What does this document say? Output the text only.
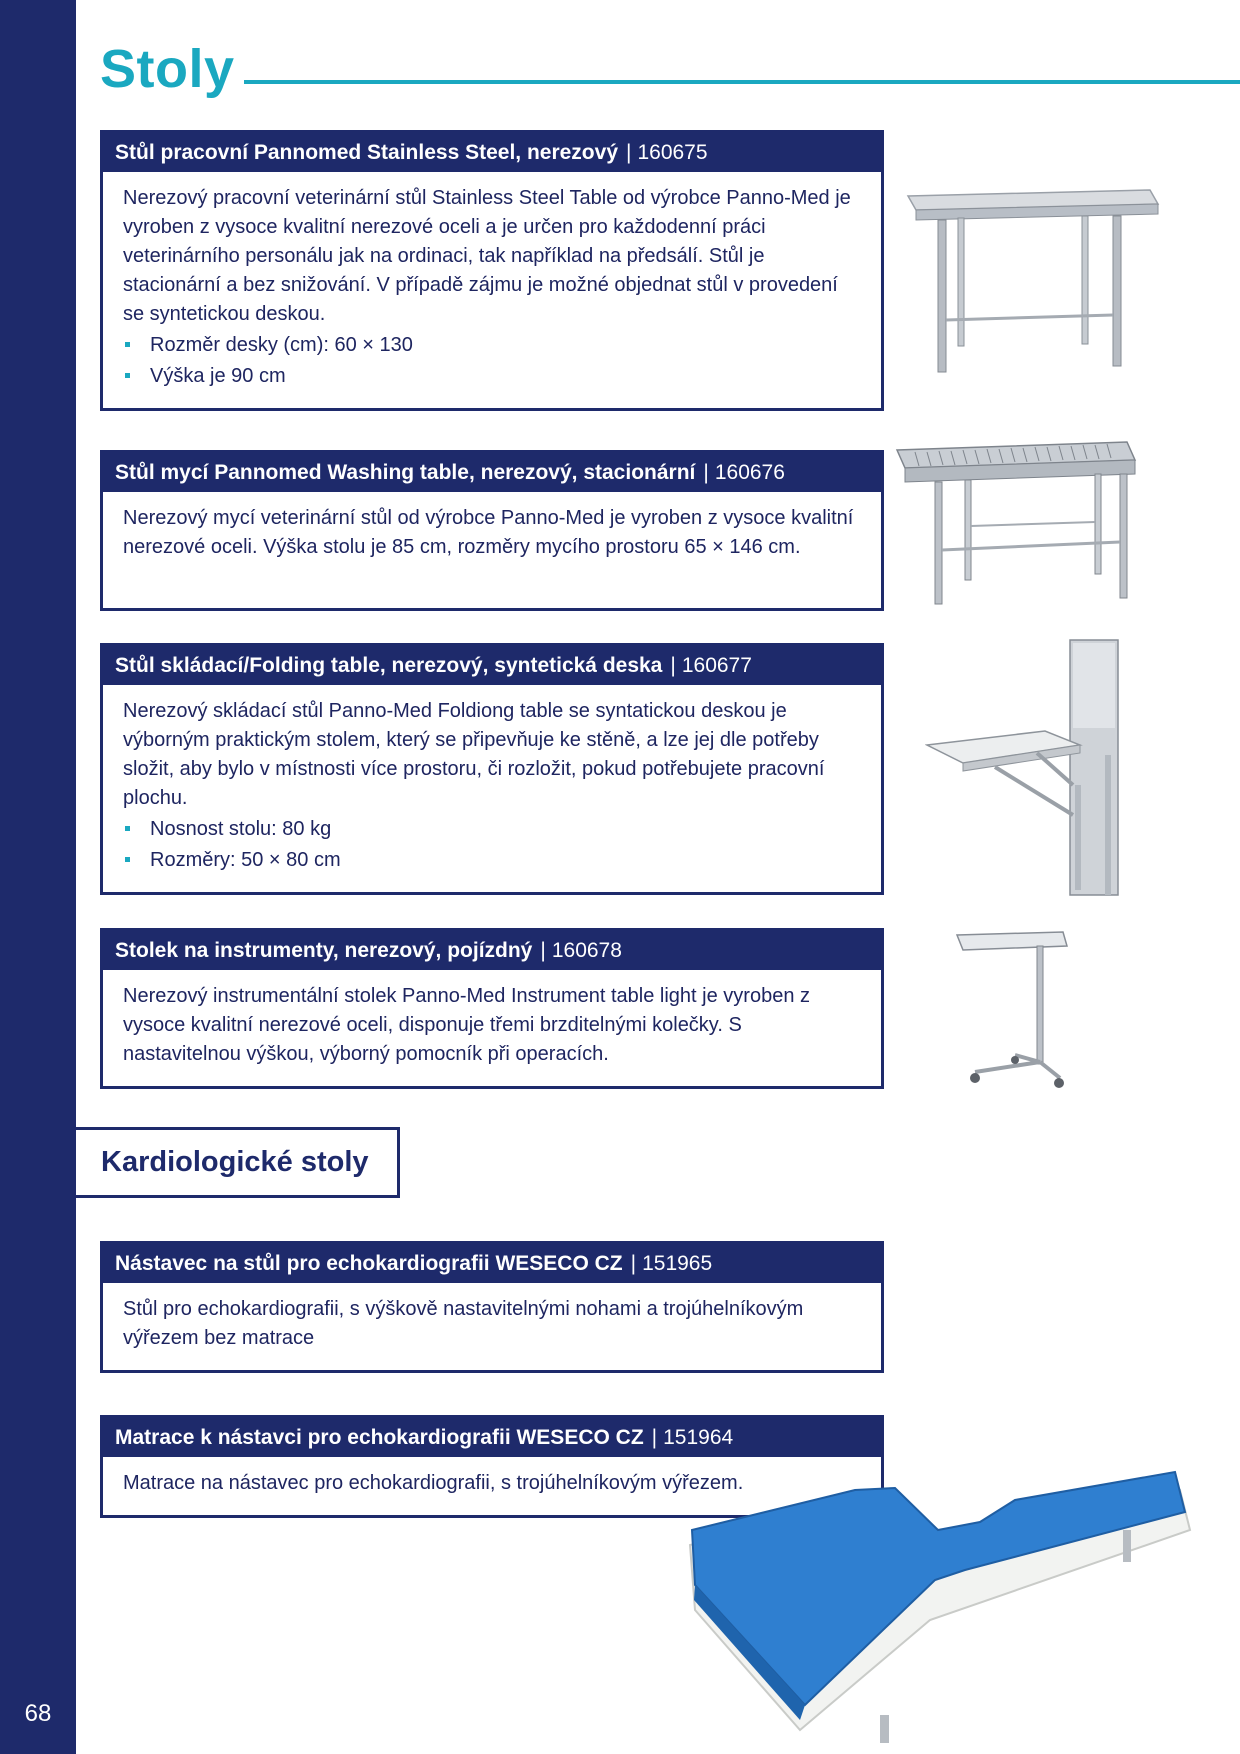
68
Stoly
Stůl pracovní Pannomed Stainless Steel, nerezový | 160675

Nerezový pracovní veterinární stůl Stainless Steel Table od výrobce Panno-Med je vyroben z vysoce kvalitní nerezové oceli a je určen pro každodenní práci veterinárního personálu jak na ordinaci, tak například na předsálí. Stůl je stacionární a bez snižování. V případě zájmu je možné objednat stůl v provedení se syntetickou deskou.

Rozměr desky (cm): 60 × 130
Výška je 90 cm
Stůl mycí Pannomed Washing table, nerezový, stacionární | 160676

Nerezový mycí veterinární stůl od výrobce Panno-Med je vyroben z vysoce kvalitní nerezové oceli. Výška stolu je 85 cm, rozměry mycího prostoru 65 × 146 cm.

Stůl skládací/Folding table, nerezový, syntetická deska | 160677

Nerezový skládací stůl Panno-Med Foldiong table se syntatickou deskou je výborným praktickým stolem, který se připevňuje ke stěně, a lze jej dle potřeby složit, aby bylo v místnosti více prostoru, či rozložit, pokud potřebujete pracovní plochu.

Nosnost stolu: 80 kg
Rozměry: 50 × 80 cm
Stolek na instrumenty, nerezový, pojízdný | 160678

Nerezový instrumentální stolek Panno-Med Instrument table light je vyroben z vysoce kvalitní nerezové oceli, disponuje třemi brzditelnými kolečky. S nastavitelnou výškou, výborný pomocník při operacích.

Kardiologické stoly
Nástavec na stůl pro echokardiografii WESECO CZ | 151965

Stůl pro echokardiografii, s výškově nastavitelnými nohami a trojúhelníkovým výřezem bez matrace

Matrace k nástavci pro echokardiografii WESECO CZ | 151964

Matrace na nástavec pro echokardiografii, s trojúhelníkovým výřezem.
